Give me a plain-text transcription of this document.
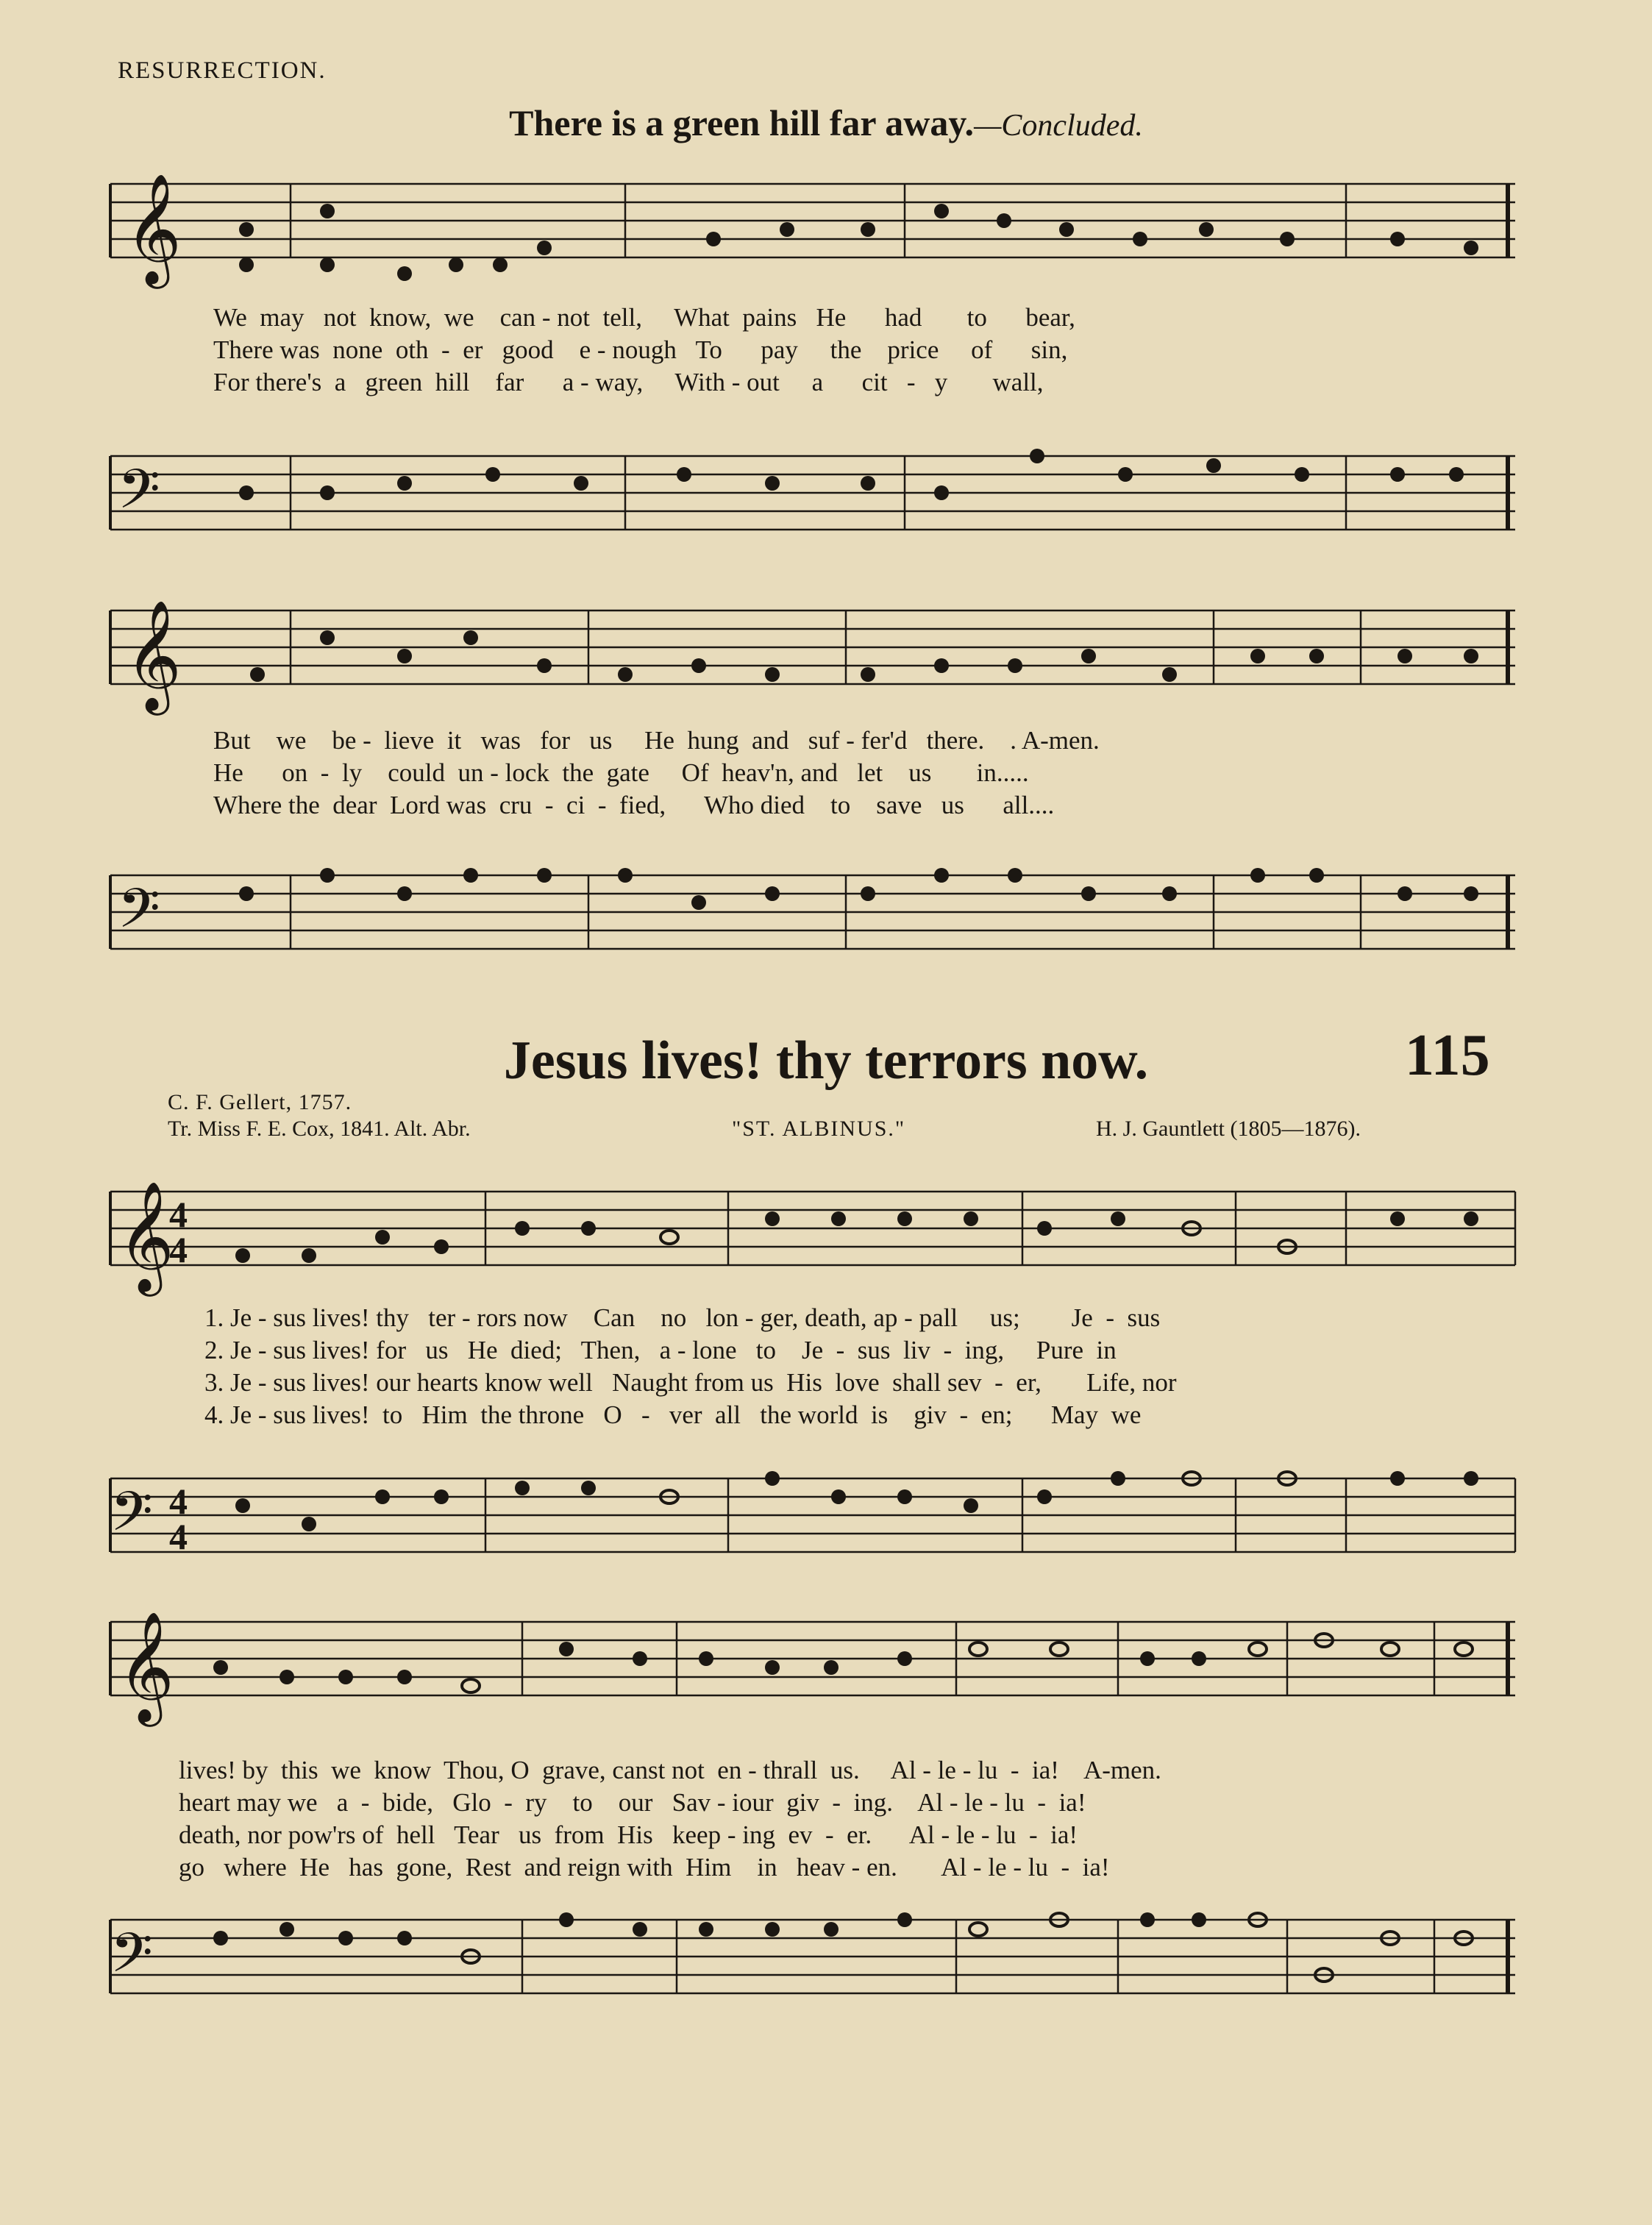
RESURRECTION.
There is a green hill far away.—Concluded.
𝄞
We  may   not  know,  we    can - not  tell,     What  pains   He      had       to      bear,
There was  none  oth  -  er   good    e - nough   To      pay     the    price     of      sin,
For there's  a   green  hill    far      a - way,     With - out     a      cit   -   y       wall,
𝄢
𝄞
But    we    be -  lieve  it   was   for   us     He  hung  and   suf - fer'd   there.    . A-men.
He      on  -  ly    could  un - lock  the  gate     Of  heav'n, and   let    us       in.....
Where the  dear  Lord was  cru  -  ci  -  fied,      Who died    to    save   us      all....
𝄢
Jesus lives! thy terrors now.	115
C. F. Gellert, 1757.
Tr. Miss F. E. Cox, 1841. Alt. Abr.	"ST. ALBINUS."	H. J. Gauntlett (1805—1876).
𝄞
4
4
1. Je - sus lives! thy   ter - rors now    Can    no   lon - ger, death, ap - pall     us;        Je  -  sus
2. Je - sus lives! for   us   He  died;   Then,   a - lone   to    Je  -  sus  liv  -  ing,     Pure  in
3. Je - sus lives! our hearts know well   Naught from us  His  love  shall sev  -  er,       Life, nor
4. Je - sus lives!  to   Him  the throne   O   -   ver  all   the world  is    giv  -  en;      May  we
𝄢 4
4
𝄞
lives! by  this  we  know  Thou, O  grave, canst not  en - thrall  us.     Al - le - lu  -  ia!    A-men.
heart may we   a  -  bide,   Glo  -  ry    to    our   Sav - iour  giv  -  ing.    Al - le - lu  -  ia!
death, nor pow'rs of  hell   Tear   us  from  His   keep - ing  ev  -  er.      Al - le - lu  -  ia!
go   where  He   has  gone,  Rest  and reign with  Him    in   heav - en.       Al - le - lu  -  ia!
𝄢
